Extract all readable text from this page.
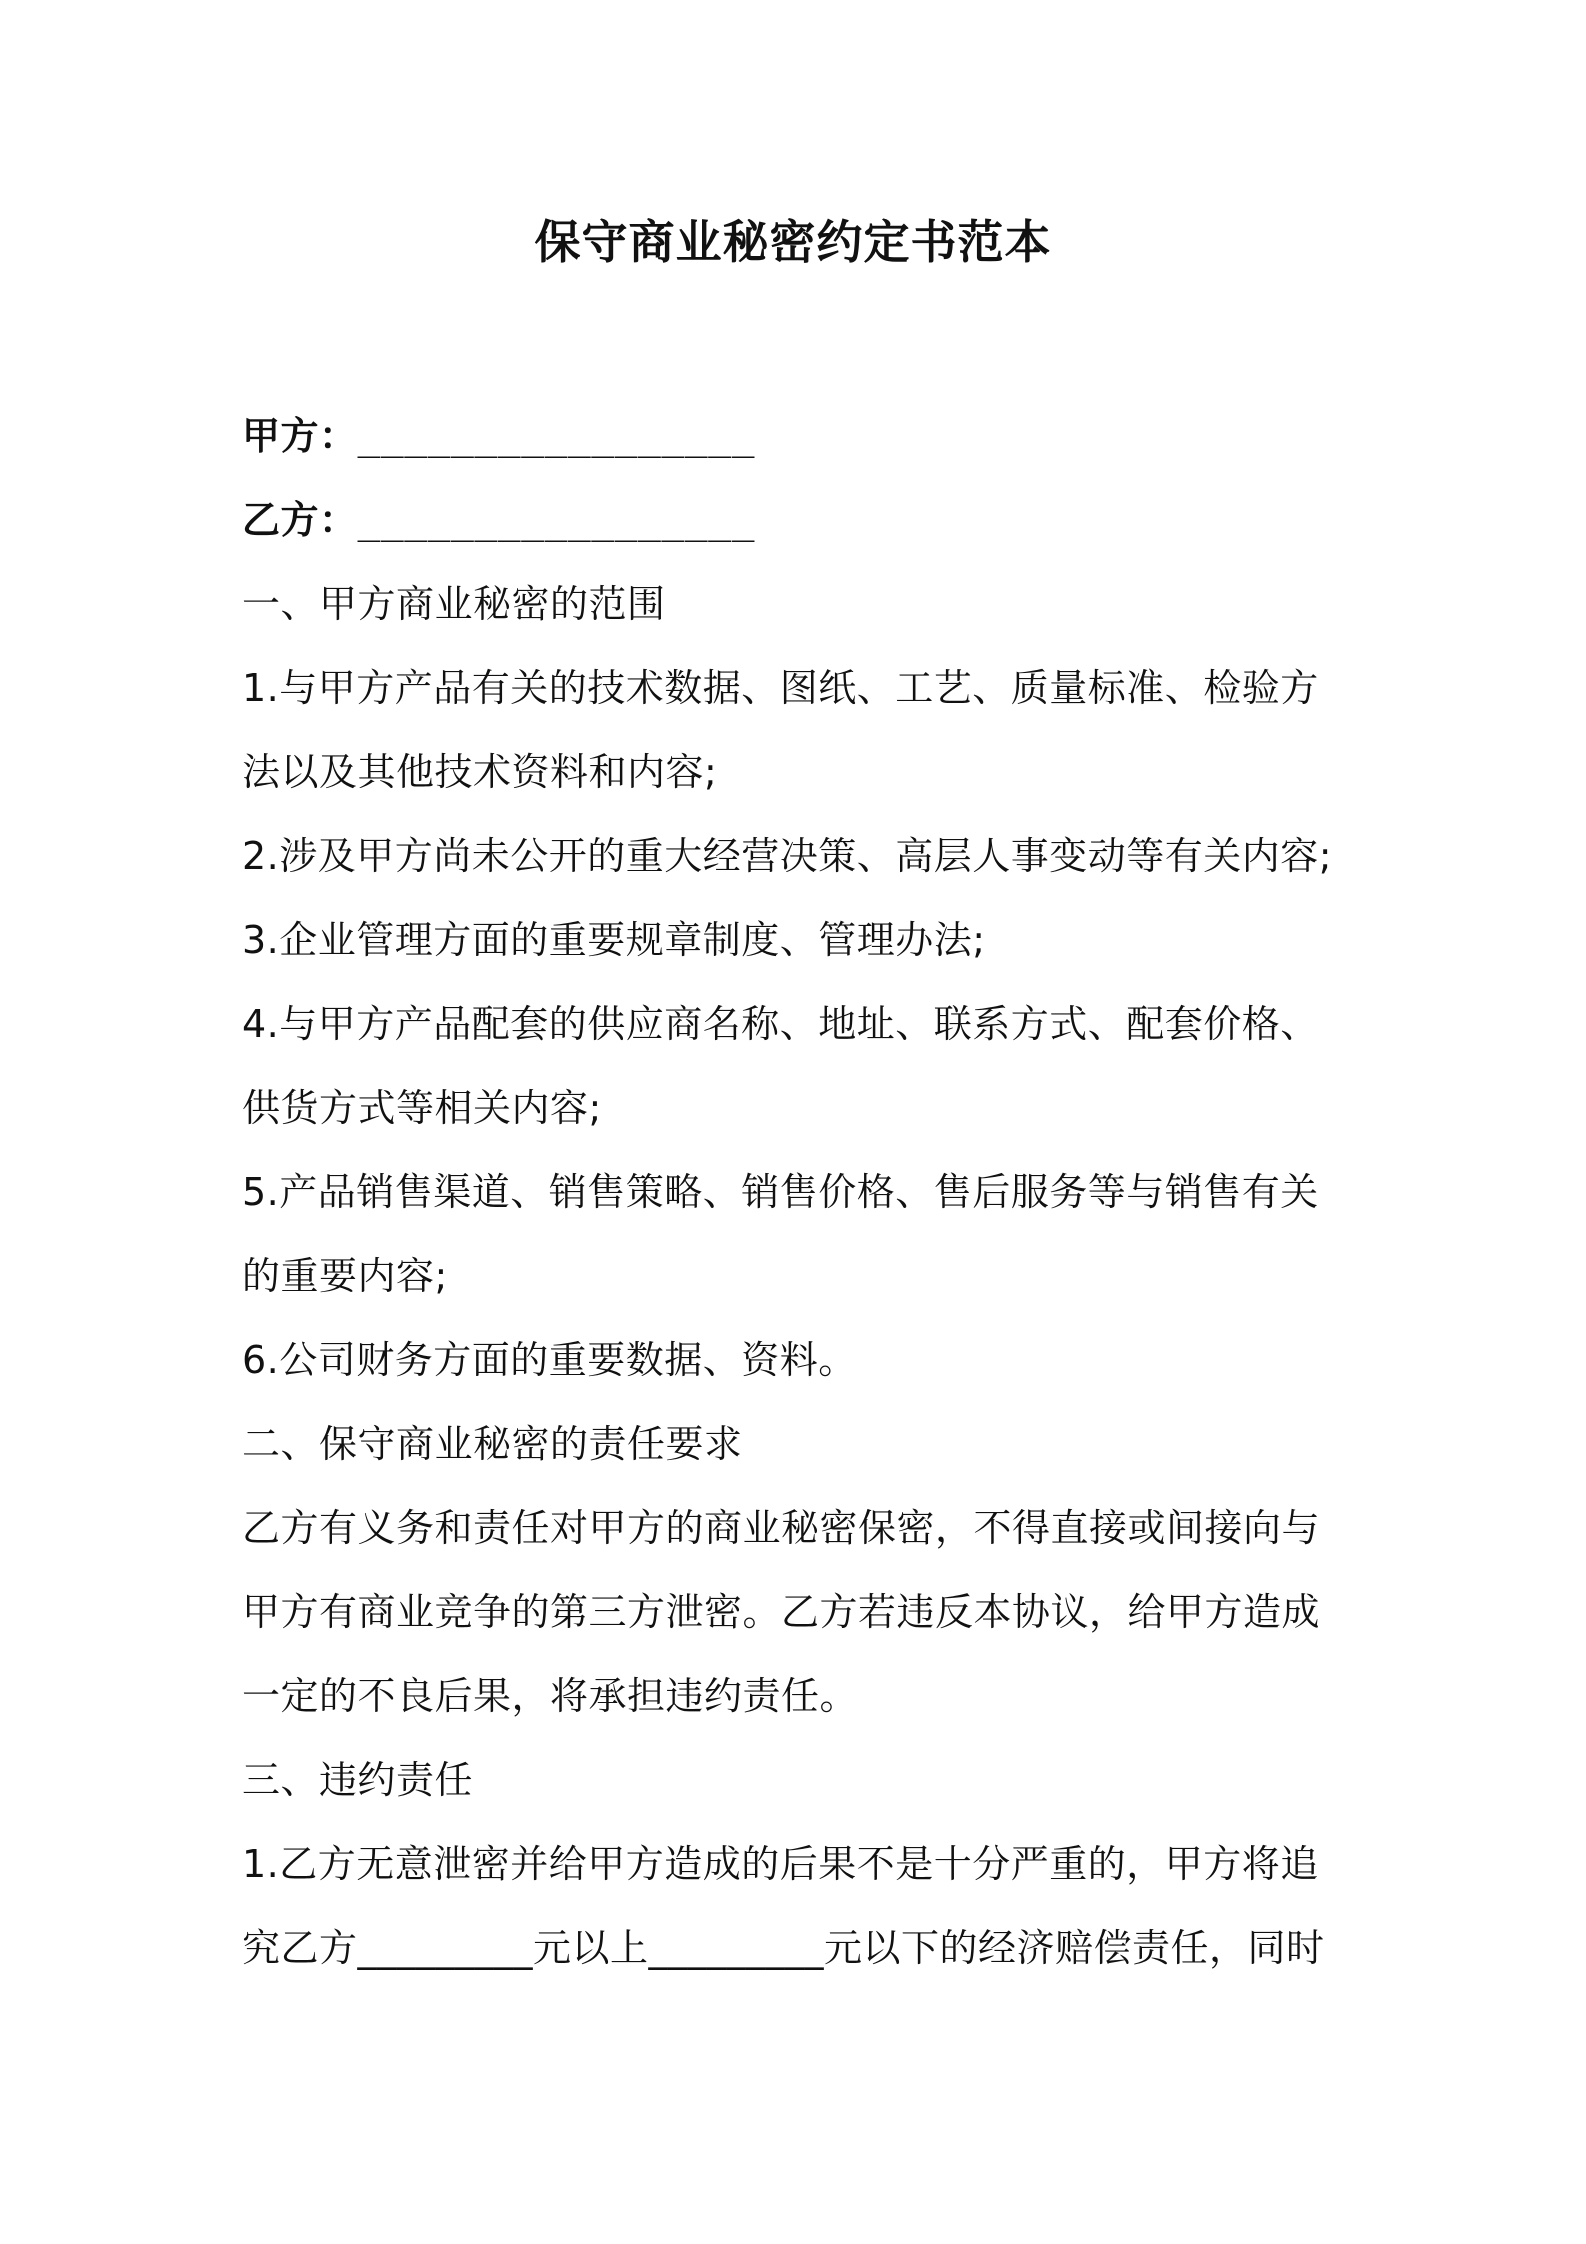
保守商业秘密约定书范本
甲方：_________________
乙方：_________________
一、甲方商业秘密的范围
1.与甲方产品有关的技术数据、图纸、工艺、质量标准、检验方
法以及其他技术资料和内容;
2.涉及甲方尚未公开的重大经营决策、高层人事变动等有关内容;
3.企业管理方面的重要规章制度、管理办法;
4.与甲方产品配套的供应商名称、地址、联系方式、配套价格、
供货方式等相关内容;
5.产品销售渠道、销售策略、销售价格、售后服务等与销售有关
的重要内容;
6.公司财务方面的重要数据、资料。
二、保守商业秘密的责任要求
乙方有义务和责任对甲方的商业秘密保密，不得直接或间接向与
甲方有商业竞争的第三方泄密。乙方若违反本协议，给甲方造成
一定的不良后果，将承担违约责任。
三、违约责任
1.乙方无意泄密并给甲方造成的后果不是十分严重的，甲方将追
究乙方_________元以上_________元以下的经济赔偿责任，同时
